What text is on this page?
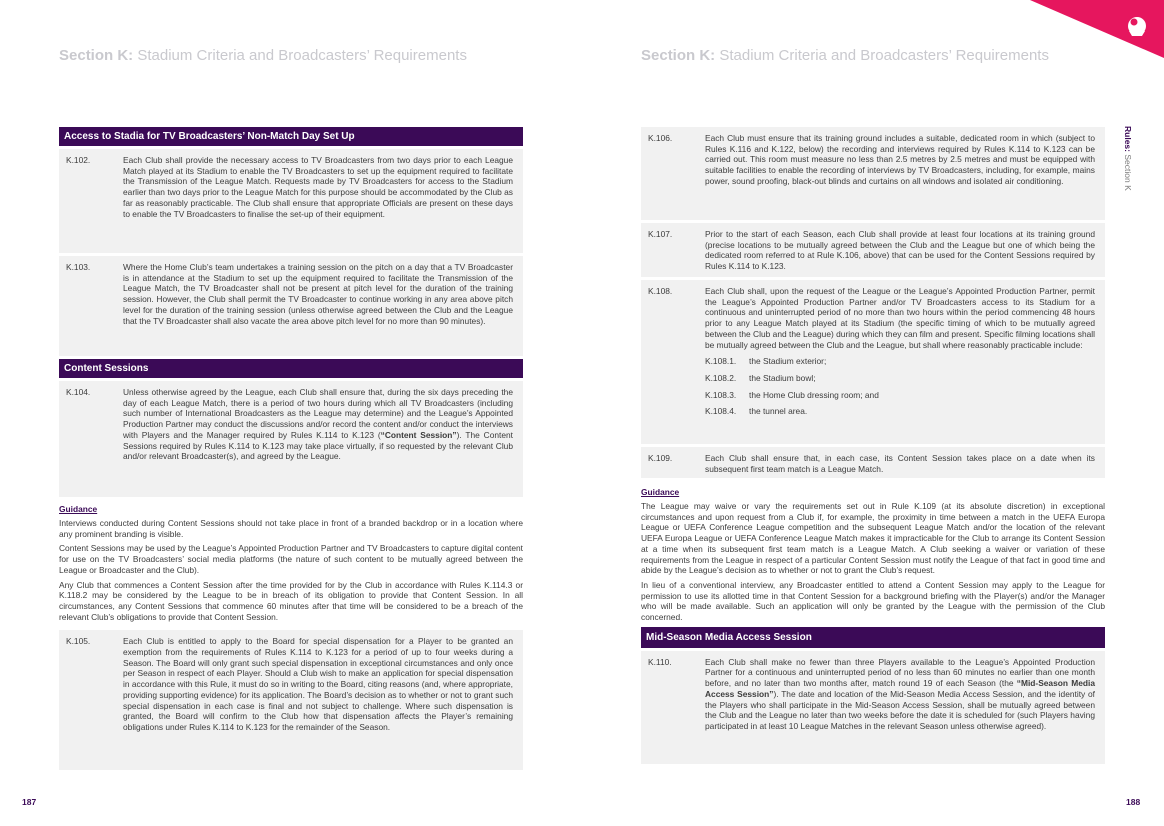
Section K: Stadium Criteria and Broadcasters’ Requirements	Section K: Stadium Criteria and Broadcasters’ Requirements
Rules: Section K
Access to Stadia for TV Broadcasters’ Non-Match Day Set Up
K.102.	Each Club shall provide the necessary access to TV Broadcasters from two days prior to each League Match played at its Stadium to enable the TV Broadcasters to set up the equipment required to facilitate the Transmission of the League Match. Requests made by TV Broadcasters for access to the Stadium earlier than two days prior to the League Match for this purpose should be accommodated by the Club as far as reasonably practicable. The Club shall ensure that appropriate Officials are present on these days to enable the TV Broadcasters to finalise the set-up of their equipment.
K.103.	Where the Home Club’s team undertakes a training session on the pitch on a day that a TV Broadcaster is in attendance at the Stadium to set up the equipment required to facilitate the Transmission of the League Match, the TV Broadcaster shall not be present at pitch level for the duration of the training session. However, the Club shall permit the TV Broadcaster to continue working in any area above pitch level for the duration of the training session (unless otherwise agreed between the Club and the League that the TV Broadcaster shall also vacate the area above pitch level for no more than 90 minutes).
Content Sessions
K.104.	Unless otherwise agreed by the League, each Club shall ensure that, during the six days preceding the day of each League Match, there is a period of two hours during which all TV Broadcasters (including such number of International Broadcasters as the League may determine) and the League’s Appointed Production Partner may conduct the discussions and/or record the content and/or conduct the interviews with Players and the Manager required by Rules K.114 to K.123 (“Content Session”). The Content Sessions required by Rules K.114 to K.123 may take place virtually, if so requested by the relevant Club and/or relevant Broadcaster(s), and agreed by the League.

Guidance

Interviews conducted during Content Sessions should not take place in front of a branded backdrop or in a location where any prominent branding is visible.

Content Sessions may be used by the League’s Appointed Production Partner and TV Broadcasters to capture digital content for use on the TV Broadcasters’ social media platforms (the nature of such content to be mutually agreed between the League or Broadcaster and the Club).

Any Club that commences a Content Session after the time provided for by the Club in accordance with Rules K.114.3 or K.118.2 may be considered by the League to be in breach of its obligation to provide that Content Session. In all circumstances, any Content Sessions that commence 60 minutes after that time will be considered to be a breach of the relevant Club’s obligations to provide that Content Session.

K.105.	Each Club is entitled to apply to the Board for special dispensation for a Player to be granted an exemption from the requirements of Rules K.114 to K.123 for a period of up to four weeks during a Season. The Board will only grant such special dispensation in exceptional circumstances and only once per Season in respect of each Player. Should a Club wish to make an application for special dispensation in accordance with this Rule, it must do so in writing to the Board, citing reasons (and, where appropriate, providing supporting evidence) for its application. The Board’s decision as to whether or not to grant such special dispensation in each case is final and not subject to challenge. Where such dispensation is granted, the Board will confirm to the Club how that dispensation affects the Player’s remaining obligations under Rules K.114 to K.123 for the remainder of the Season.
K.106.	Each Club must ensure that its training ground includes a suitable, dedicated room in which (subject to Rules K.116 and K.122, below) the recording and interviews required by Rules K.114 to K.123 can be carried out. This room must measure no less than 2.5 metres by 2.5 metres and must be equipped with suitable facilities to enable the recording of interviews by TV Broadcasters, including, for example, mains power, sound proofing, black-out blinds and curtains on all windows and isolated air conditioning.
K.107.	Prior to the start of each Season, each Club shall provide at least four locations at its training ground (precise locations to be mutually agreed between the Club and the League but one of which being the dedicated room referred to at Rule K.106, above) that can be used for the Content Sessions required by Rules K.114 to K.123.
K.108.	Each Club shall, upon the request of the League or the League’s Appointed Production Partner, permit the League’s Appointed Production Partner and/or TV Broadcasters access to its Stadium for a continuous and uninterrupted period of no more than two hours within the period commencing 48 hours prior to any League Match played at its Stadium (the specific timing of which to be mutually agreed between the Club and the League) during which they can film and present. Specific filming locations shall be mutually agreed between the Club and the League, but shall where reasonably practicable include:

K.108.1.	the Stadium exterior;
K.108.2.	the Stadium bowl;
K.108.3.	the Home Club dressing room; and
K.108.4.	the tunnel area.
K.109.	Each Club shall ensure that, in each case, its Content Session takes place on a date when its subsequent first team match is a League Match.
Guidance

The League may waive or vary the requirements set out in Rule K.109 (at its absolute discretion) in exceptional circumstances and upon request from a Club if, for example, the proximity in time between a match in the UEFA Europa League or UEFA Conference League competition and the subsequent League Match and/or the location of the relevant UEFA Europa League or UEFA Conference League Match makes it impracticable for the Club to arrange its Content Session at a time when its subsequent first team match is a League Match. A Club seeking a waiver or variation of these requirements from the League in respect of a particular Content Session must notify the League of that fact in good time and abide by the League’s decision as to whether or not to grant the Club’s request.

In lieu of a conventional interview, any Broadcaster entitled to attend a Content Session may apply to the League for permission to use its allotted time in that Content Session for a background briefing with the Player(s) and/or the Manager who will be made available. Such an application will only be granted by the League with the permission of the Club concerned.

Mid-Season Media Access Session
K.110.	Each Club shall make no fewer than three Players available to the League’s Appointed Production Partner for a continuous and uninterrupted period of no less than 60 minutes no earlier than one month before, and no later than two months after, match round 19 of each Season (the “Mid-Season Media Access Session”). The date and location of the Mid-Season Media Access Session, and the identity of the Players who shall participate in the Mid-Season Access Session, shall be mutually agreed between the Club and the League no later than two weeks before the date it is scheduled for (such Players having participated in at least 10 League Matches in the relevant Season unless otherwise agreed).

187	188
